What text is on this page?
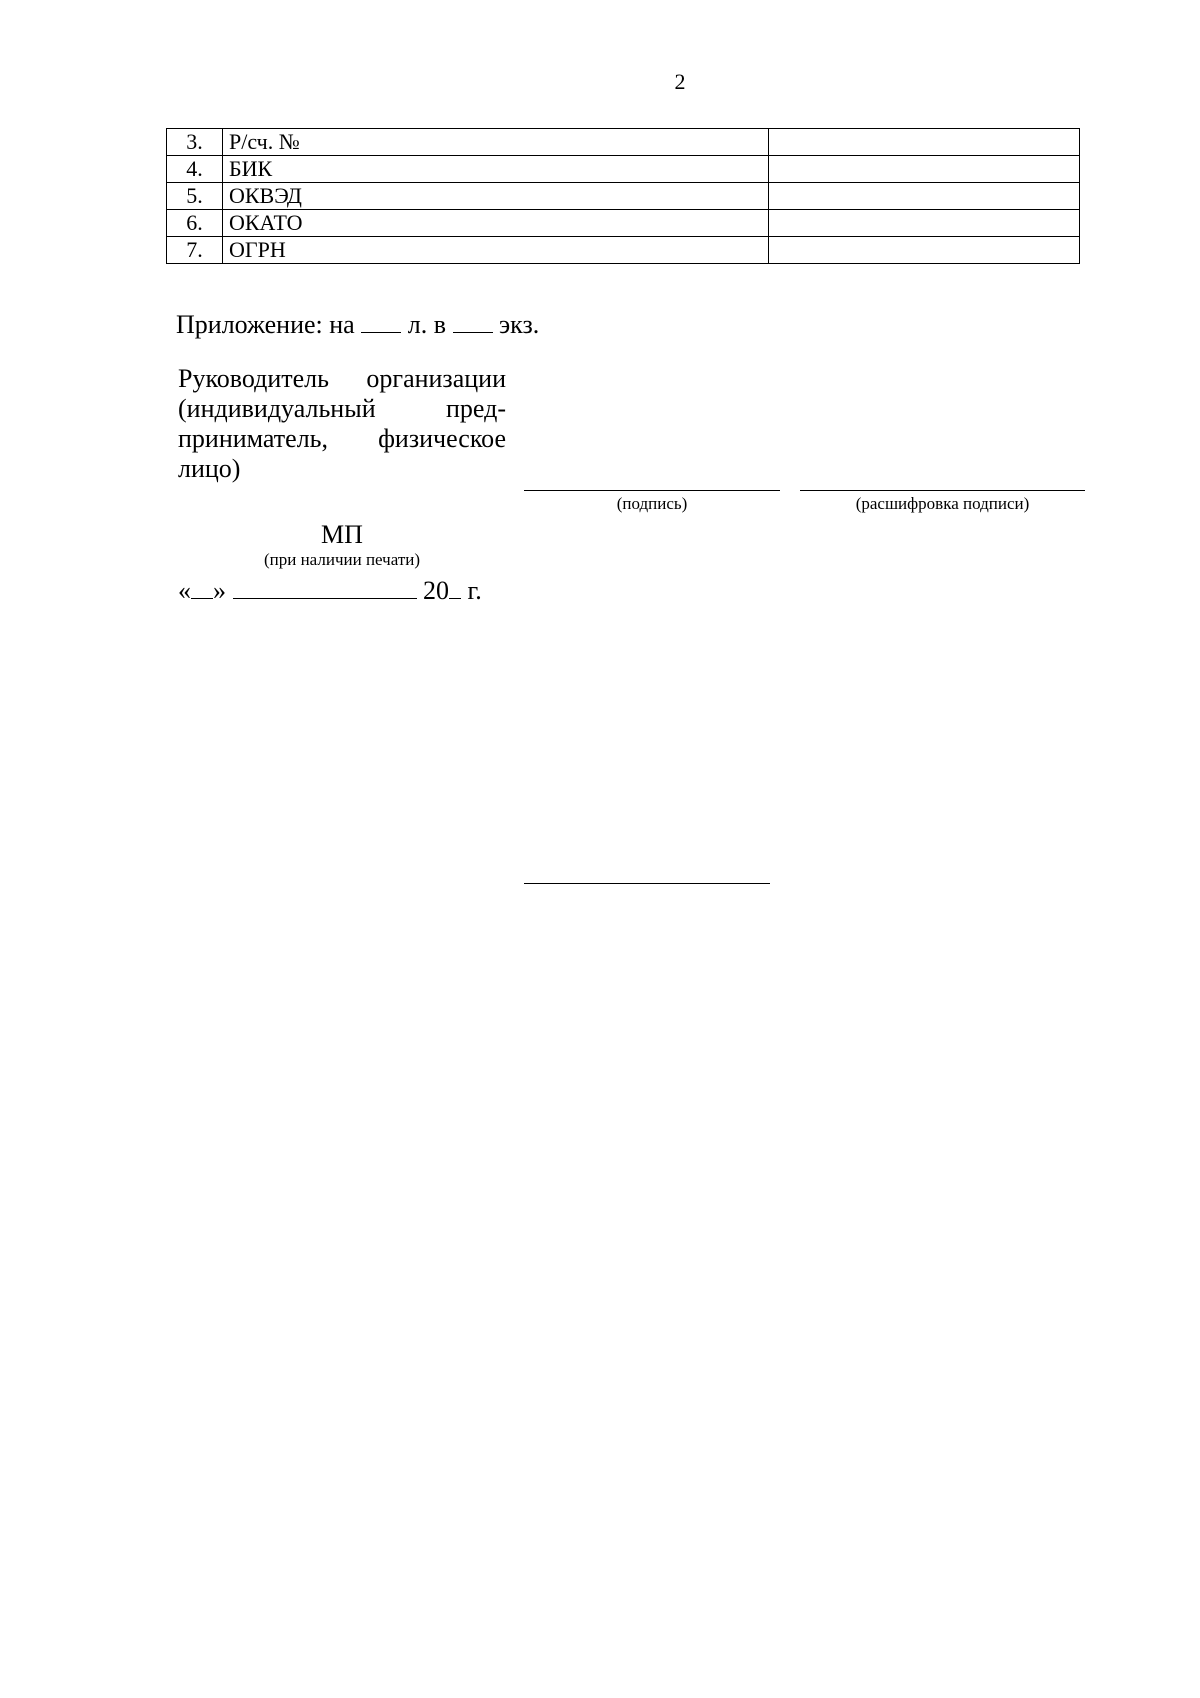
2
3.	Р/сч. №	
4.	БИК	
5.	ОКВЭД	
6.	ОКАТО	
7.	ОГРН	
Приложение: на л. в экз.
Руководитель организации (индивидуальный предприниматель, физическое лицо)
(подпись)	(расшифровка подписи)
МП
(при наличии печати)
« »	20 г.
